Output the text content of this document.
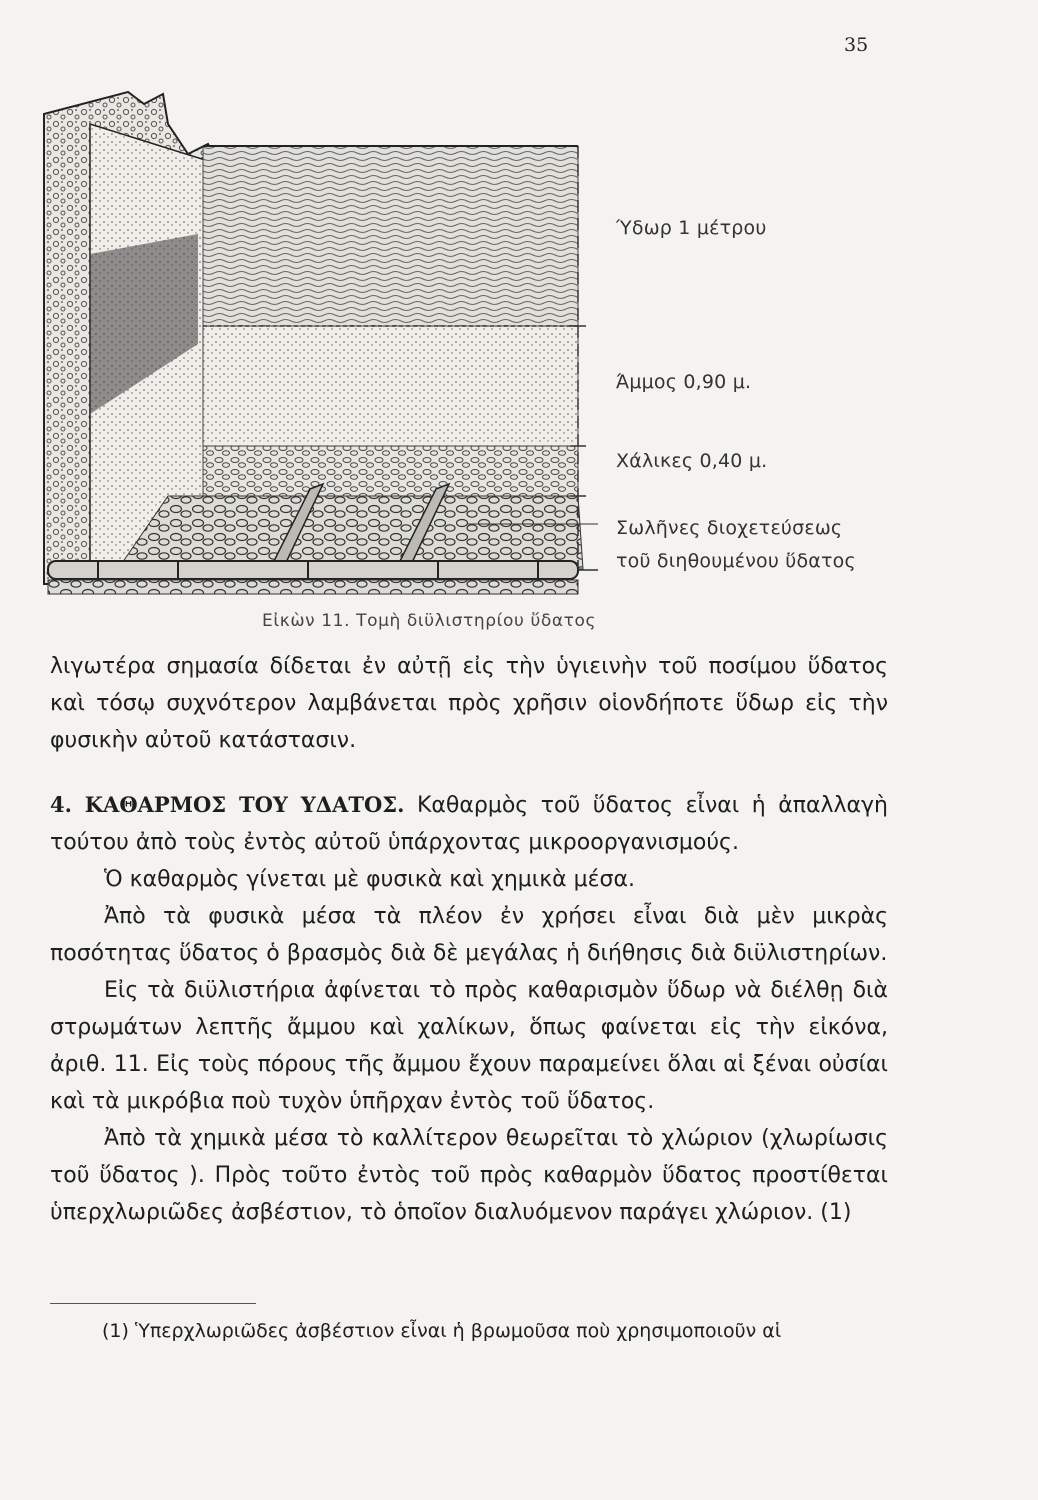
35
Ύδωρ 1 μέτρου
Άμμος 0,90 μ.
Χάλικες 0,40 μ.
Σωλῆνες διοχετεύσεως
τοῦ διηθουμένου ὕδατος
Εἰκὼν 11. Τομὴ διϋλιστηρίου ὕδατος

λιγωτέρα σημασία δίδεται ἐν αὐτῇ εἰς τὴν ὑγιεινὴν τοῦ ποσίμου ὕδατος καὶ τόσῳ συχνότερον λαμβάνεται πρὸς χρῆσιν οἱονδήποτε ὕδωρ εἰς τὴν φυσικὴν αὐτοῦ κατάστασιν.

4. ΚΑΘΑΡΜΟΣ ΤΟΥ ΥΔΑΤΟΣ. Καθαρμὸς τοῦ ὕδατος εἶναι ἡ ἀπαλλαγὴ τούτου ἀπὸ τοὺς ἐντὸς αὐτοῦ ὑπάρχοντας μικροοργανισμούς.

Ὁ καθαρμὸς γίνεται μὲ φυσικὰ καὶ χημικὰ μέσα.

Ἀπὸ τὰ φυσικὰ μέσα τὰ πλέον ἐν χρήσει εἶναι διὰ μὲν μικρὰς ποσότητας ὕδατος ὁ βρασμὸς διὰ δὲ μεγάλας ἡ διήθησις διὰ διϋλιστηρίων.

Εἰς τὰ διϋλιστήρια ἀφίνεται τὸ πρὸς καθαρισμὸν ὕδωρ νὰ διέλθῃ διὰ στρωμάτων λεπτῆς ἄμμου καὶ χαλίκων, ὅπως φαίνεται εἰς τὴν εἰκόνα, ἀριθ. 11. Εἰς τοὺς πόρους τῆς ἄμμου ἔχουν παραμείνει ὅλαι αἱ ξέναι οὐσίαι καὶ τὰ μικρόβια ποὺ τυχὸν ὑπῆρχαν ἐντὸς τοῦ ὕδατος.

Ἀπὸ τὰ χημικὰ μέσα τὸ καλλίτερον θεωρεῖται τὸ χλώριον (χλωρίωσις τοῦ ὕδατος ). Πρὸς τοῦτο ἐντὸς τοῦ πρὸς καθαρμὸν ὕδατος προστίθεται ὑπερχλωριῶδες ἀσβέστιον, τὸ ὁποῖον διαλυόμενον παράγει χλώριον. (1)

(1) Ὑπερχλωριῶδες ἀσβέστιον εἶναι ἡ βρωμοῦσα ποὺ χρησιμοποιοῦν αἱ
